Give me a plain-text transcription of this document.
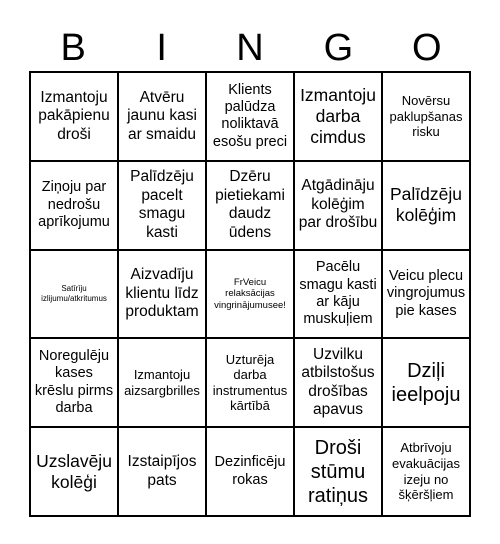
B	I	N	G	O
Izmantoju pakāpienu droši
Atvēru jaunu kasi ar smaidu
Klients palūdza noliktavā esošu preci
Izmantoju darba cimdus
Novērsu paklupšanas risku
Ziņoju par nedrošu aprīkojumu
Palīdzēju pacelt smagu kasti
Dzēru pietiekami daudz ūdens
Atgādināju kolēģim par drošību
Palīdzēju kolēģim
Satīrīju izlijumu/atkritumus
Aizvadīju klientu līdz produktam
FrVeicu relaksācijas vingrinājumusee!
Pacēlu smagu kasti ar kāju muskuļiem
Veicu plecu vingrojumus pie kases
Noregulēju kases krēslu pirms darba
Izmantoju aizsargbrilles
Uzturēja darba instrumentus kārtībā
Uzvilku atbilstošus drošības apavus
Dziļi ieelpoju
Uzslavēju kolēģi
Izstaipījos pats
Dezinficēju rokas
Droši stūmu ratiņus
Atbrīvoju evakuācijas izeju no šķēršļiem
